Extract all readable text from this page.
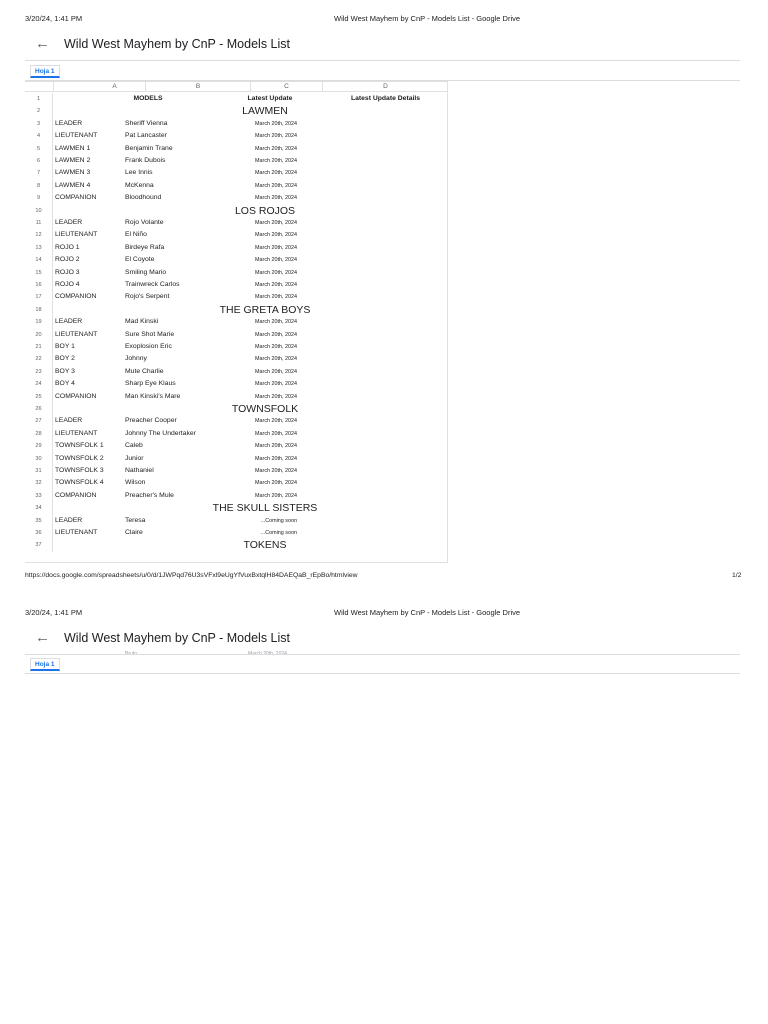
3/20/24, 1:41 PM	Wild West Mayhem by CnP - Models List - Google Drive
← Wild West Mayhem by CnP - Models List
Hoja 1
A	B	C	D
1	MODELS	Latest Update	Latest Update Details
2	LAWMEN
3	LEADER	Sheriff Vienna	March 20th, 2024
4	LIEUTENANT	Pat Lancaster	March 20th, 2024
5	LAWMEN 1	Benjamin Trane	March 20th, 2024
6	LAWMEN 2	Frank Dubois	March 20th, 2024
7	LAWMEN 3	Lee Innis	March 20th, 2024
8	LAWMEN 4	McKenna	March 20th, 2024
9	COMPANION	Bloodhound	March 20th, 2024
10	LOS ROJOS
11	LEADER	Rojo Volante	March 20th, 2024
12	LIEUTENANT	El Niño	March 20th, 2024
13	ROJO 1	Birdeye Rafa	March 20th, 2024
14	ROJO 2	El Coyote	March 20th, 2024
15	ROJO 3	Smiling Mario	March 20th, 2024
16	ROJO 4	Trainwreck Carlos	March 20th, 2024
17	COMPANION	Rojo's Serpent	March 20th, 2024
18	THE GRETA BOYS
19	LEADER	Mad Kinski	March 20th, 2024
20	LIEUTENANT	Sure Shot Marie	March 20th, 2024
21	BOY 1	Exoplosion Eric	March 20th, 2024
22	BOY 2	Johnny	March 20th, 2024
23	BOY 3	Mute Charlie	March 20th, 2024
24	BOY 4	Sharp Eye Klaus	March 20th, 2024
25	COMPANION	Man Kinski's Mare	March 20th, 2024
26	TOWNSFOLK
27	LEADER	Preacher Cooper	March 20th, 2024
28	LIEUTENANT	Johnny The Undertaker	March 20th, 2024
29	TOWNSFOLK 1	Caleb	March 20th, 2024
30	TOWNSFOLK 2	Junior	March 20th, 2024
31	TOWNSFOLK 3	Nathaniel	March 20th, 2024
32	TOWNSFOLK 4	Wilson	March 20th, 2024
33	COMPANION	Preacher's Mule	March 20th, 2024
34	THE SKULL SISTERS
35	LEADER	Teresa	...Coming soon
36	LIEUTENANT	Claire	...Coming soon
37	TOKENS
https://docs.google.com/spreadsheets/u/0/d/1JWPqd76U3sVFxl9eUgYfVuxBxtqlH84DAEQaB_rEpBo/htmlview	1/2
3/20/24, 1:41 PM	Wild West Mayhem by CnP - Models List - Google Drive
← Wild West Mayhem by CnP - Models List
Bruto	March 20th, 2024
Hoja 1
